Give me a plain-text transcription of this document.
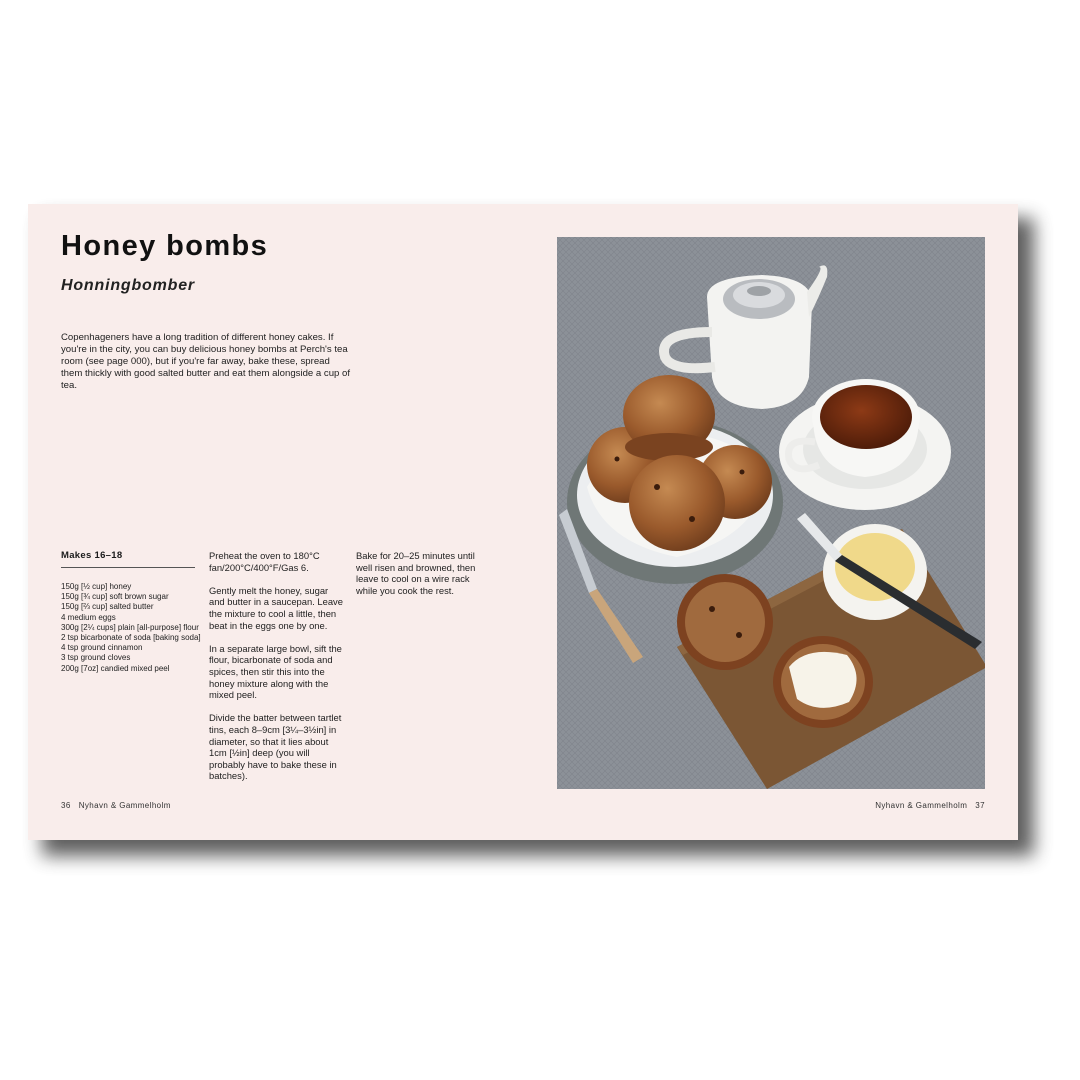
Honey bombs
Honningbomber

Copenhageners have a long tradition of different honey cakes. If you're in the city, you can buy delicious honey bombs at Perch's tea room (see page 000), but if you're far away, bake these, spread them thickly with good salted butter and eat them alongside a cup of tea.

Makes 16–18
150g [½ cup] honey
150g [¾ cup] soft brown sugar
150g [⅔ cup] salted butter
4 medium eggs
300g [2¼ cups] plain [all-purpose] flour
2 tsp bicarbonate of soda [baking soda]
4 tsp ground cinnamon
3 tsp ground cloves
200g [7oz] candied mixed peel

Preheat the oven to 180°C fan/200°C/400°F/Gas 6.

Gently melt the honey, sugar and butter in a saucepan. Leave the mixture to cool a little, then beat in the eggs one by one.

In a separate large bowl, sift the flour, bicarbonate of soda and spices, then stir this into the honey mixture along with the mixed peel.

Divide the batter between tartlet tins, each 8–9cm [3¼–3½in] in diameter, so that it lies about 1cm [½in] deep (you will probably have to bake these in batches).

Bake for 20–25 minutes until well risen and browned, then leave to cool on a wire rack while you cook the rest.

36 Nyhavn & Gammelholm	Nyhavn & Gammelholm 37
